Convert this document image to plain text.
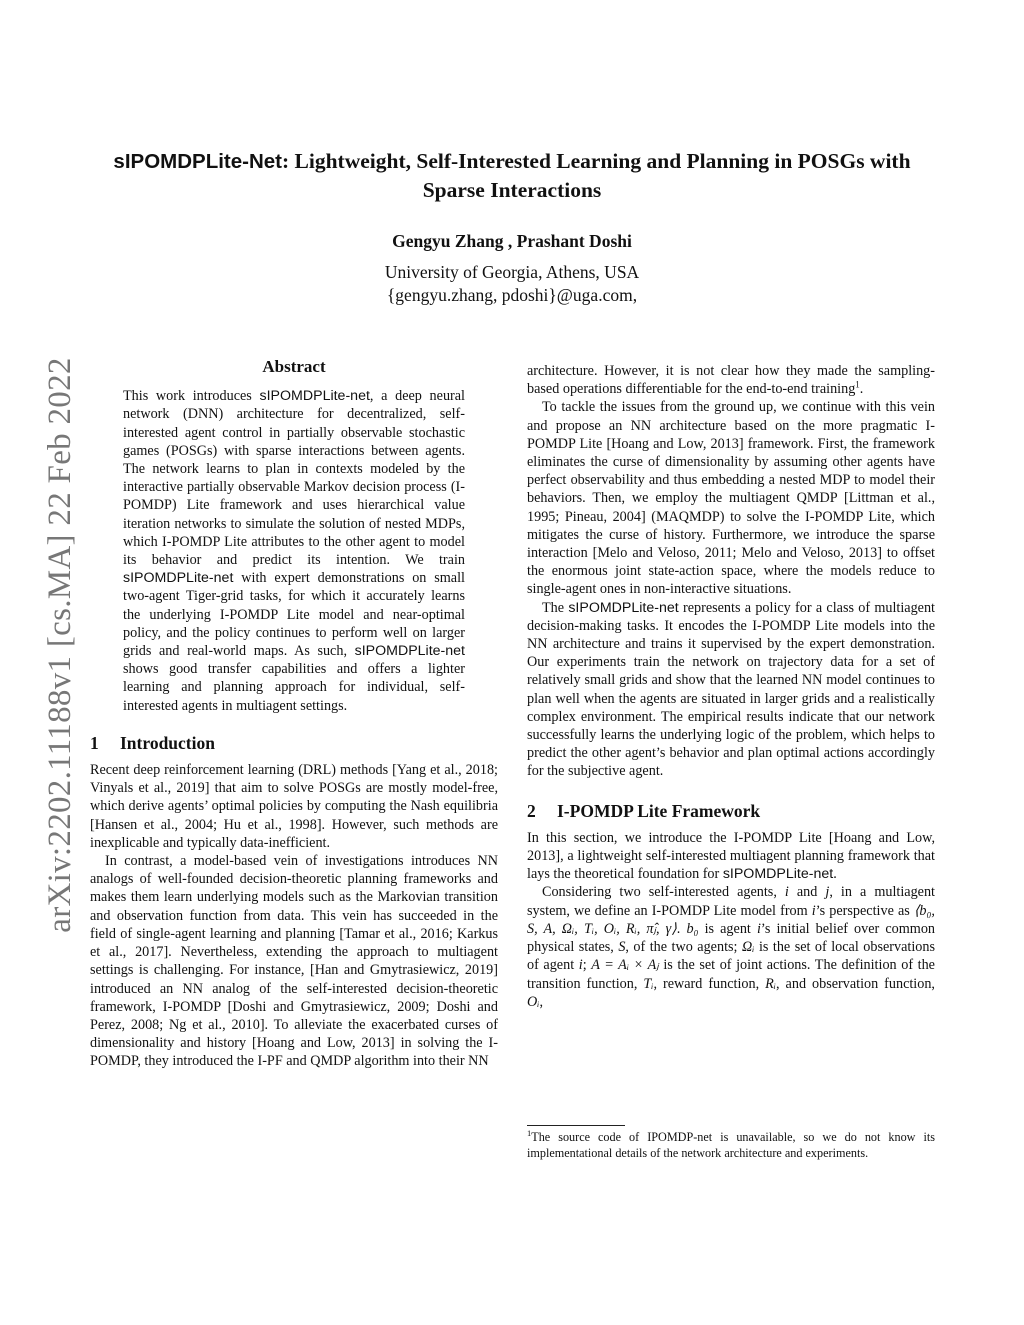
arXiv:2202.11188v1 [cs.MA] 22 Feb 2022
sIPOMDPLite-Net: Lightweight, Self-Interested Learning and Planning in POSGs with Sparse Interactions
Gengyu Zhang , Prashant Doshi
University of Georgia, Athens, USA
{gengyu.zhang, pdoshi}@uga.com,
Abstract

This work introduces sIPOMDPLite-net, a deep neural network (DNN) architecture for decentralized, self-interested agent control in partially observable stochastic games (POSGs) with sparse interactions between agents. The network learns to plan in contexts modeled by the interactive partially observable Markov decision process (I-POMDP) Lite framework and uses hierarchical value iteration networks to simulate the solution of nested MDPs, which I-POMDP Lite attributes to the other agent to model its behavior and predict its intention. We train sIPOMDPLite-net with expert demonstrations on small two-agent Tiger-grid tasks, for which it accurately learns the underlying I-POMDP Lite model and near-optimal policy, and the policy continues to perform well on larger grids and real-world maps. As such, sIPOMDPLite-net shows good transfer capabilities and offers a lighter learning and planning approach for individual, self-interested agents in multiagent settings.

1 Introduction

Recent deep reinforcement learning (DRL) methods [Yang et al., 2018; Vinyals et al., 2019] that aim to solve POSGs are mostly model-free, which derive agents’ optimal policies by computing the Nash equilibria [Hansen et al., 2004; Hu et al., 1998]. However, such methods are inexplicable and typically data-inefficient.

In contrast, a model-based vein of investigations introduces NN analogs of well-founded decision-theoretic planning frameworks and makes them learn underlying models such as the Markovian transition and observation function from data. This vein has succeeded in the field of single-agent learning and planning [Tamar et al., 2016; Karkus et al., 2017]. Nevertheless, extending the approach to multiagent settings is challenging. For instance, [Han and Gmytrasiewicz, 2019] introduced an NN analog of the self-interested decision-theoretic framework, I-POMDP [Doshi and Gmytrasiewicz, 2009; Doshi and Perez, 2008; Ng et al., 2010]. To alleviate the exacerbated curses of dimensionality and history [Hoang and Low, 2013] in solving the I-POMDP, they introduced the I-PF and QMDP algorithm into their NN

architecture. However, it is not clear how they made the sampling-based operations differentiable for the end-to-end training$^1$.

To tackle the issues from the ground up, we continue with this vein and propose an NN architecture based on the more pragmatic I-POMDP Lite [Hoang and Low, 2013] framework. First, the framework eliminates the curse of dimensionality by assuming other agents have perfect observability and thus embedding a nested MDP to model their behaviors. Then, we employ the multiagent QMDP [Littman et al., 1995; Pineau, 2004] (MAQMDP) to solve the I-POMDP Lite, which mitigates the curse of history. Furthermore, we introduce the sparse interaction [Melo and Veloso, 2011; Melo and Veloso, 2013] to offset the enormous joint state-action space, where the models reduce to single-agent ones in non-interactive situations.

The sIPOMDPLite-net represents a policy for a class of multiagent decision-making tasks. It encodes the I-POMDP Lite models into the NN architecture and trains it supervised by the expert demonstration. Our experiments train the network on trajectory data for a set of relatively small grids and show that the learned NN model continues to plan well when the agents are situated in larger grids and a realistically complex environment. The empirical results indicate that our network successfully learns the underlying logic of the problem, which helps to predict the other agent’s behavior and plan optimal actions accordingly for the subjective agent.

2 I-POMDP Lite Framework

In this section, we introduce the I-POMDP Lite [Hoang and Low, 2013], a lightweight self-interested multiagent planning framework that lays the theoretical foundation for sIPOMDPLite-net.

Considering two self-interested agents, i and j, in a multiagent system, we define an I-POMDP Lite model from i’s perspective as ⟨b₀, S, A, Ωᵢ, Tᵢ, Oᵢ, Rᵢ, π̂ⱼ, γ⟩. b₀ is agent i’s initial belief over common physical states, S, of the two agents; Ωᵢ is the set of local observations of agent i; A = Aᵢ × Aⱼ is the set of joint actions. The definition of the transition function, Tᵢ, reward function, Rᵢ, and observation function, Oᵢ,

$^1$The source code of IPOMDP-net is unavailable, so we do not know its implementational details of the network architecture and experiments.
